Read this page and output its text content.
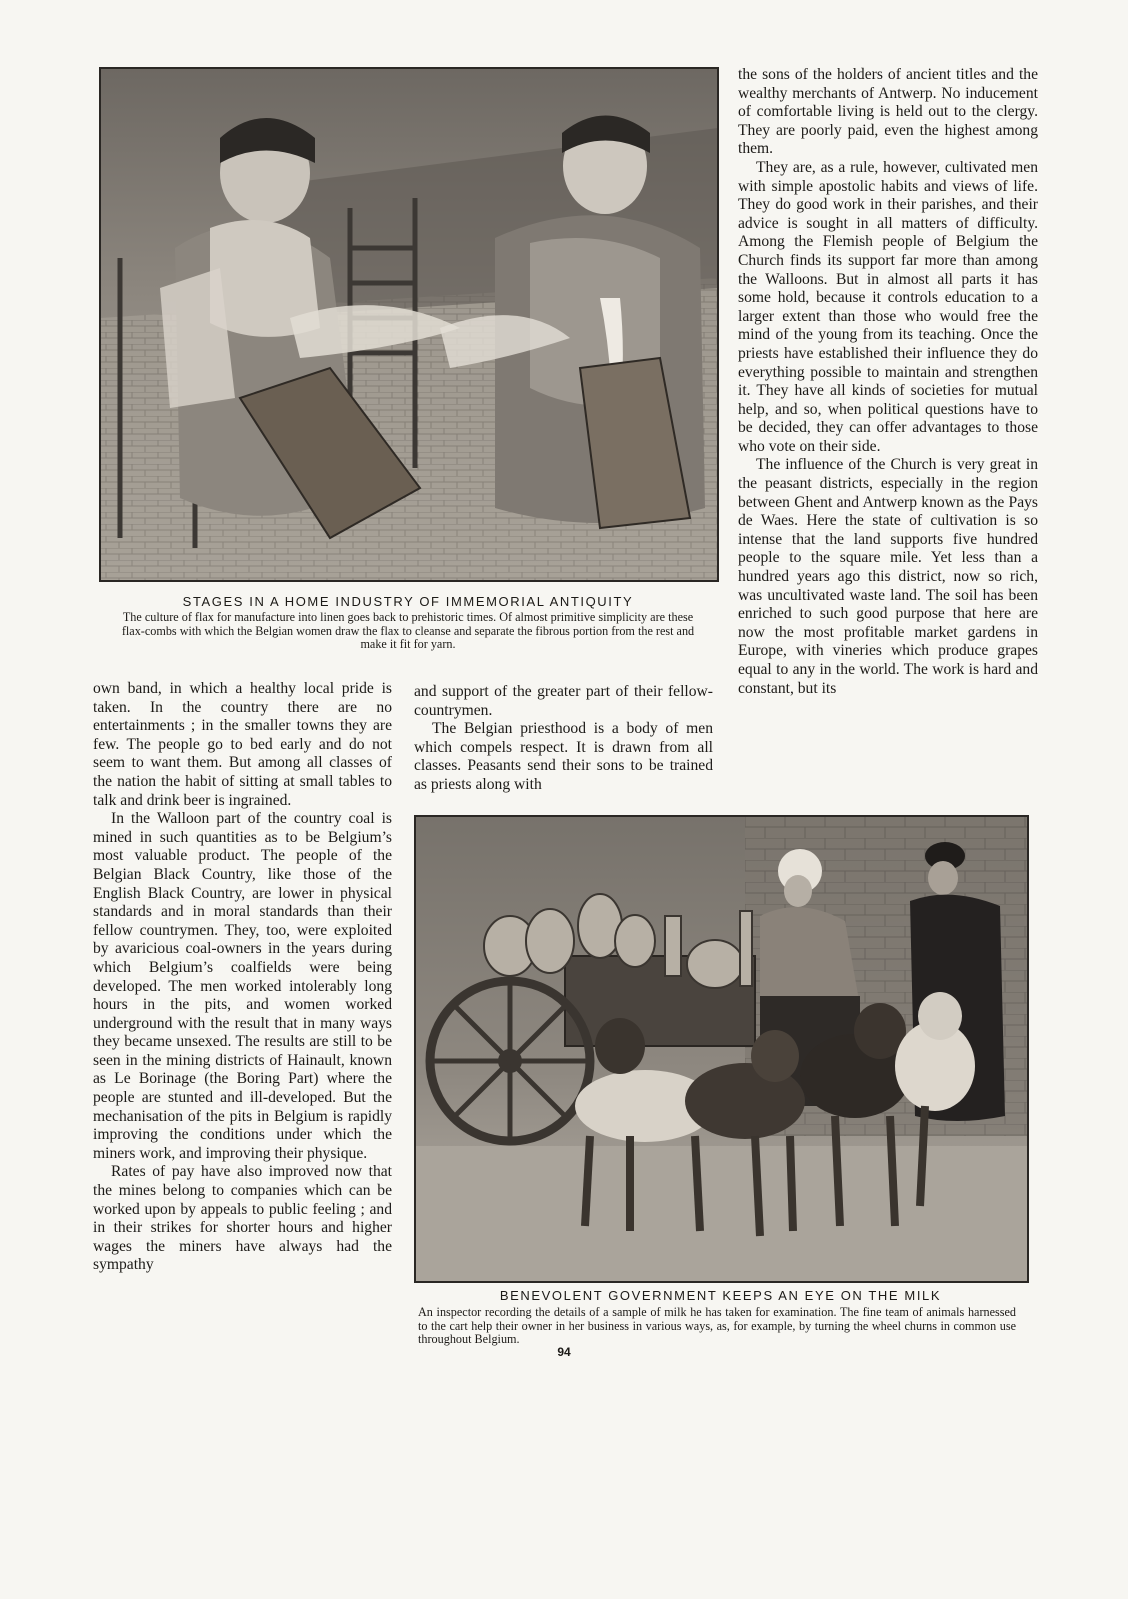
STAGES IN A HOME INDUSTRY OF IMMEMORIAL ANTIQUITY
The culture of flax for manufacture into linen goes back to prehistoric times. Of almost primitive simplicity are these flax-combs with which the Belgian women draw the flax to cleanse and separate the fibrous portion from the rest and make it fit for yarn.

the sons of the holders of ancient titles and the wealthy merchants of Antwerp. No inducement of comfortable living is held out to the clergy. They are poorly paid, even the highest among them.

They are, as a rule, however, cultivated men with simple apostolic habits and views of life. They do good work in their parishes, and their advice is sought in all matters of difficulty. Among the Flemish people of Belgium the Church finds its support far more than among the Walloons. But in almost all parts it has some hold, because it controls education to a larger extent than those who would free the mind of the young from its teaching. Once the priests have established their influence they do everything possible to maintain and strengthen it. They have all kinds of societies for mutual help, and so, when political questions have to be decided, they can offer advantages to those who vote on their side.

The influence of the Church is very great in the peasant districts, especially in the region between Ghent and Antwerp known as the Pays de Waes. Here the state of cultivation is so intense that the land supports five hundred people to the square mile. Yet less than a hundred years ago this district, now so rich, was uncultivated waste land. The soil has been enriched to such good purpose that here are now the most profitable market gardens in Europe, with vineries which produce grapes equal to any in the world. The work is hard and constant, but its

own band, in which a healthy local pride is taken. In the country there are no entertainments ; in the smaller towns they are few. The people go to bed early and do not seem to want them. But among all classes of the nation the habit of sitting at small tables to talk and drink beer is ingrained.

In the Walloon part of the country coal is mined in such quantities as to be Belgium’s most valuable product. The people of the Belgian Black Country, like those of the English Black Country, are lower in physical standards and in moral standards than their fellow countrymen. They, too, were exploited by avaricious coal-owners in the years during which Belgium’s coalfields were being developed. The men worked intolerably long hours in the pits, and women worked underground with the result that in many ways they became unsexed. The results are still to be seen in the mining districts of Hainault, known as Le Borinage (the Boring Part) where the people are stunted and ill-developed. But the mechanisation of the pits in Belgium is rapidly improving the conditions under which the miners work, and improving their physique.

Rates of pay have also improved now that the mines belong to companies which can be worked upon by appeals to public feeling ; and in their strikes for shorter hours and higher wages the miners have always had the sympathy

and support of the greater part of their fellow-countrymen.

The Belgian priesthood is a body of men which compels respect. It is drawn from all classes. Peasants send their sons to be trained as priests along with

BENEVOLENT GOVERNMENT KEEPS AN EYE ON THE MILK
An inspector recording the details of a sample of milk he has taken for examination. The fine team of animals harnessed to the cart help their owner in her business in various ways, as, for example, by turning the wheel churns in common use throughout Belgium.
94
